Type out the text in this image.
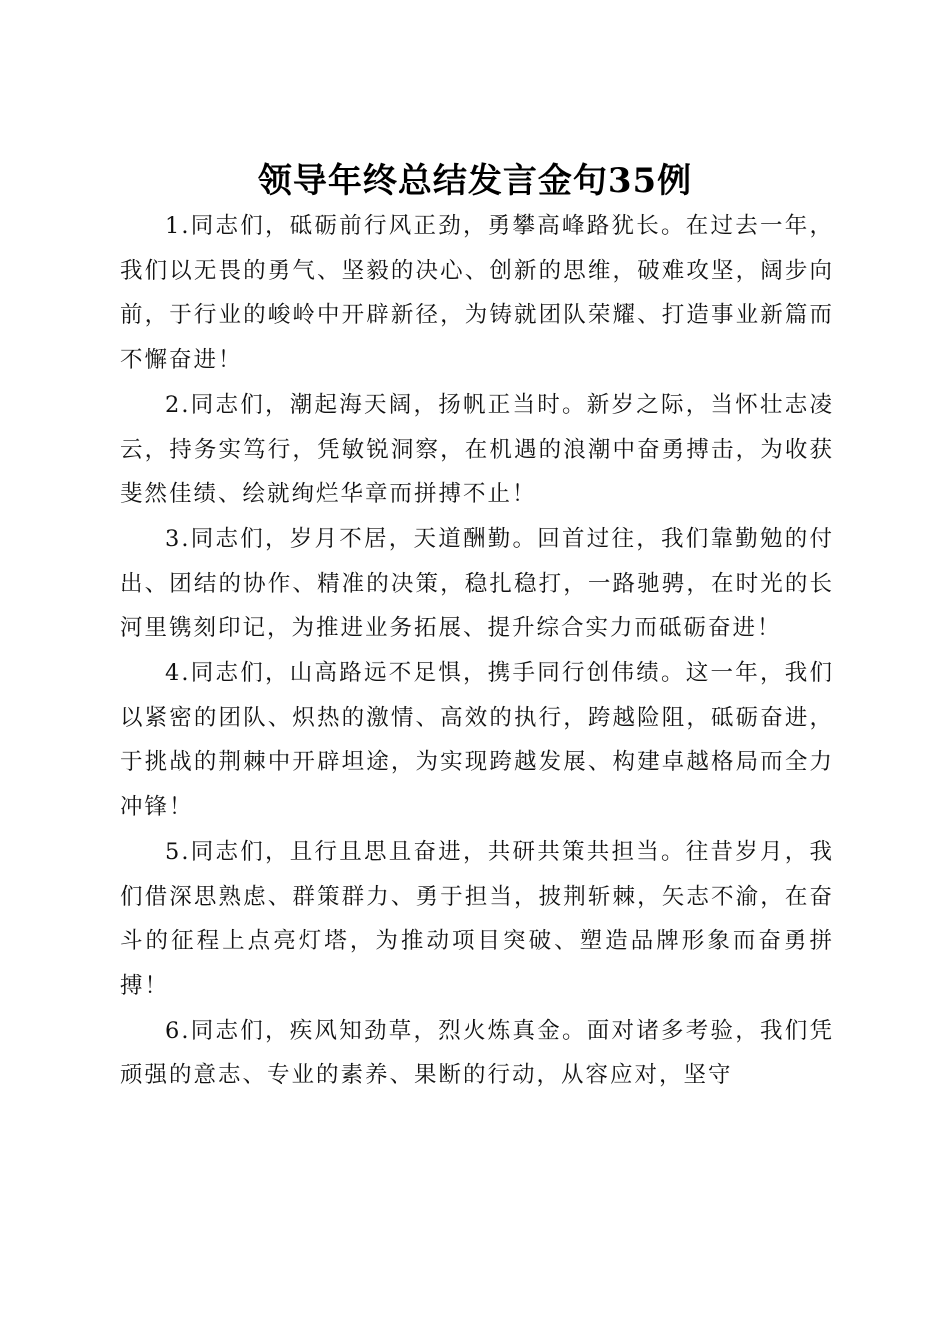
领导年终总结发言金句35例

1.同志们，砥砺前行风正劲，勇攀高峰路犹长。在过去一年，我们以无畏的勇气、坚毅的决心、创新的思维，破难攻坚，阔步向前，于行业的峻岭中开辟新径，为铸就团队荣耀、打造事业新篇而不懈奋进！

2.同志们，潮起海天阔，扬帆正当时。新岁之际，当怀壮志凌云，持务实笃行，凭敏锐洞察，在机遇的浪潮中奋勇搏击，为收获斐然佳绩、绘就绚烂华章而拼搏不止！

3.同志们，岁月不居，天道酬勤。回首过往，我们靠勤勉的付出、团结的协作、精准的决策，稳扎稳打，一路驰骋，在时光的长河里镌刻印记，为推进业务拓展、提升综合实力而砥砺奋进！

4.同志们，山高路远不足惧，携手同行创伟绩。这一年，我们以紧密的团队、炽热的激情、高效的执行，跨越险阻，砥砺奋进，于挑战的荆棘中开辟坦途，为实现跨越发展、构建卓越格局而全力冲锋！

5.同志们，且行且思且奋进，共研共策共担当。往昔岁月，我们借深思熟虑、群策群力、勇于担当，披荆斩棘，矢志不渝，在奋斗的征程上点亮灯塔，为推动项目突破、塑造品牌形象而奋勇拼搏！

6.同志们，疾风知劲草，烈火炼真金。面对诸多考验，我们凭顽强的意志、专业的素养、果断的行动，从容应对，坚守
